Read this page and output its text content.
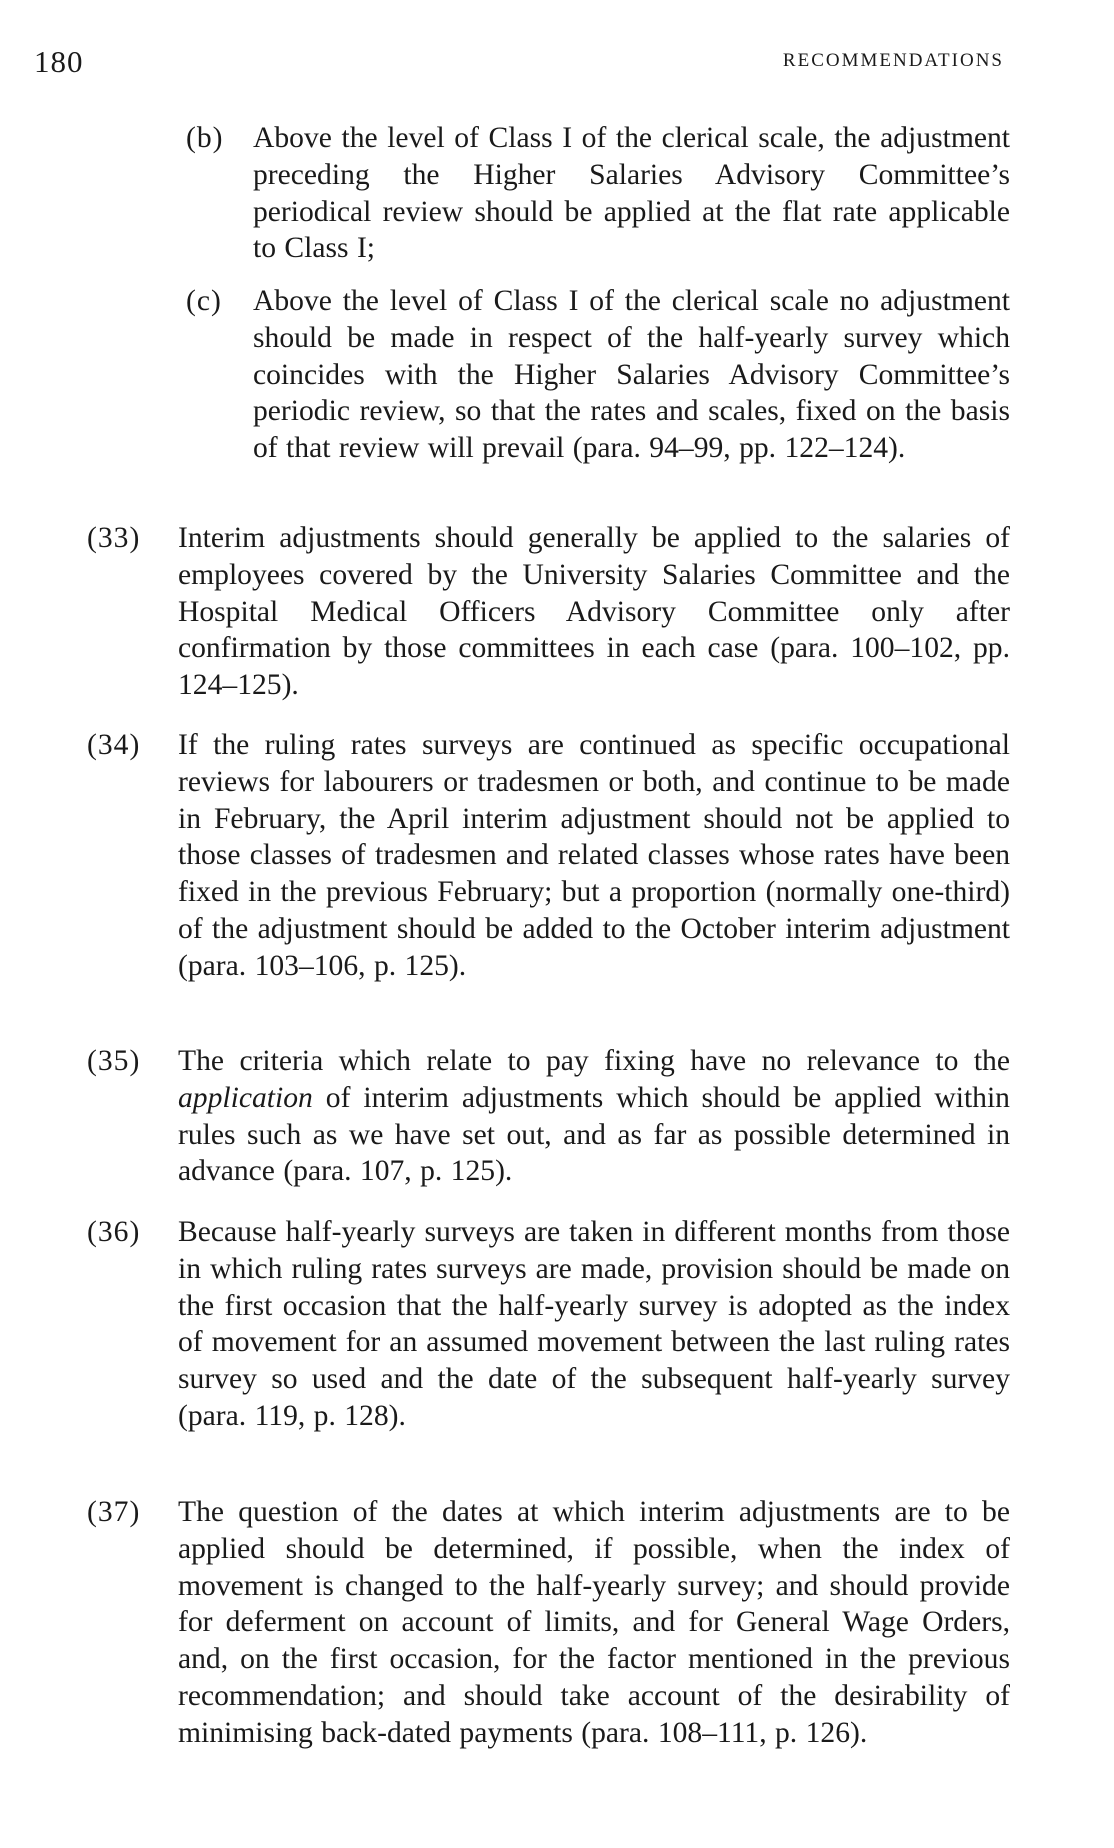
180	RECOMMENDATIONS
(b) Above the level of Class I of the clerical scale, the adjustment preceding the Higher Salaries Advisory Committee’s periodical review should be applied at the flat rate applicable to Class I;
(c) Above the level of Class I of the clerical scale no adjustment should be made in respect of the half-yearly survey which coincides with the Higher Salaries Advisory Committee’s periodic review, so that the rates and scales, fixed on the basis of that review will prevail (para. 94–99, pp. 122–124).
(33) Interim adjustments should generally be applied to the salaries of employees covered by the University Salaries Committee and the Hospital Medical Officers Advisory Committee only after confirmation by those committees in each case (para. 100–102, pp. 124–125).
(34) If the ruling rates surveys are continued as specific occupational reviews for labourers or tradesmen or both, and continue to be made in February, the April interim adjustment should not be applied to those classes of tradesmen and related classes whose rates have been fixed in the previous February; but a proportion (normally one-third) of the adjustment should be added to the October interim adjustment (para. 103–106, p. 125).
(35) The criteria which relate to pay fixing have no relevance to the application of interim adjustments which should be applied within rules such as we have set out, and as far as possible determined in advance (para. 107, p. 125).
(36) Because half-yearly surveys are taken in different months from those in which ruling rates surveys are made, provision should be made on the first occasion that the half-yearly survey is adopted as the index of movement for an assumed movement between the last ruling rates survey so used and the date of the subsequent half-yearly survey (para. 119, p. 128).
(37) The question of the dates at which interim adjustments are to be applied should be determined, if possible, when the index of movement is changed to the half-yearly survey; and should provide for deferment on account of limits, and for General Wage Orders, and, on the first occasion, for the factor mentioned in the previous recommendation; and should take account of the desirability of minimising back-dated payments (para. 108–111, p. 126).
